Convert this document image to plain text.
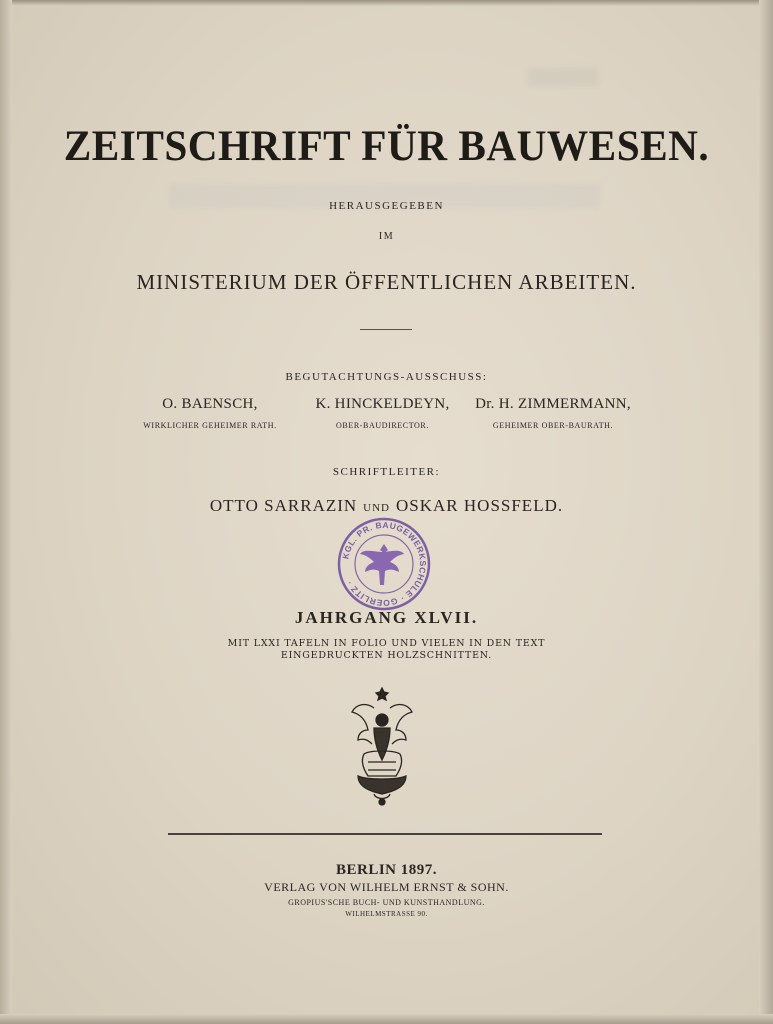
ZEITSCHRIFT FÜR BAUWESEN.
HERAUSGEGEBEN
IM
MINISTERIUM DER ÖFFENTLICHEN ARBEITEN.
BEGUTACHTUNGS-AUSSCHUSS:
O. BAENSCH,
WIRKLICHER GEHEIMER RATH.
K. HINCKELDEYN,
OBER-BAUDIRECTOR.
Dr. H. ZIMMERMANN,
GEHEIMER OBER-BAURATH.
SCHRIFTLEITER:
OTTO SARRAZIN UND OSKAR HOSSFELD.
KGL. PR. BAUGEWERKSCHULE · GOERLITZ ·
JAHRGANG XLVII.
MIT LXXI TAFELN IN FOLIO UND VIELEN IN DEN TEXT
EINGEDRUCKTEN HOLZSCHNITTEN.
BERLIN 1897.
VERLAG VON WILHELM ERNST & SOHN.
GROPIUS'SCHE BUCH- UND KUNSTHANDLUNG.
WILHELMSTRASSE 90.
